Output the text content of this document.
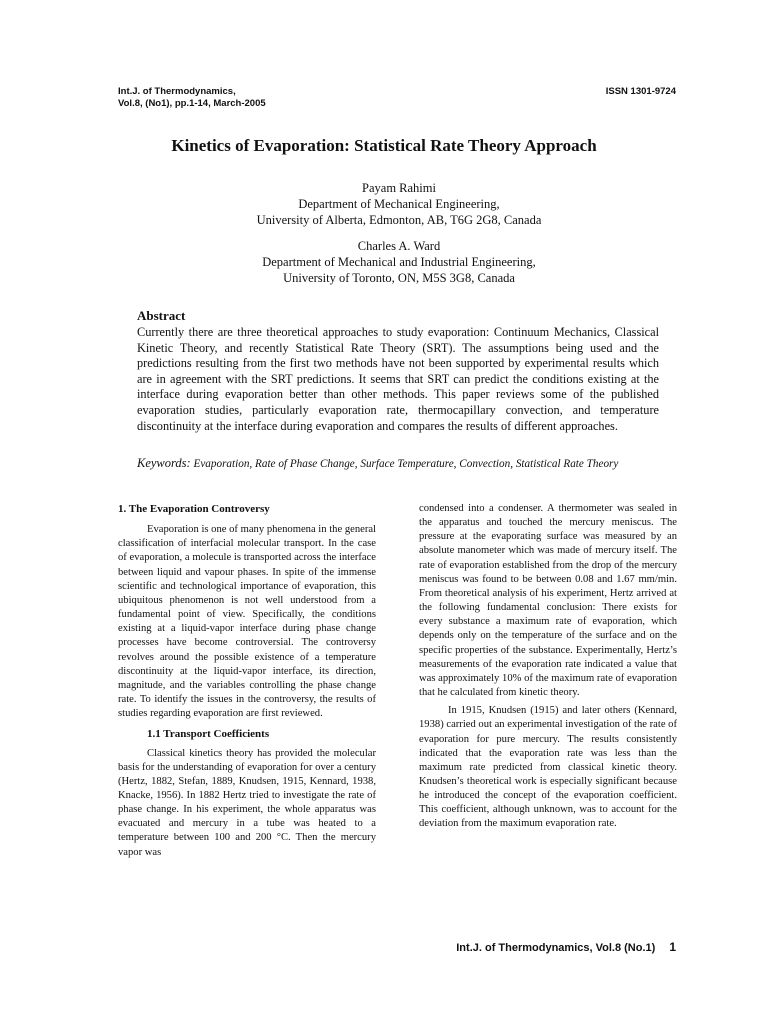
Int.J. of Thermodynamics,
Vol.8, (No1), pp.1-14, March-2005
ISSN 1301-9724
Kinetics of Evaporation: Statistical Rate Theory Approach
Payam Rahimi
Department of Mechanical Engineering,
University of Alberta, Edmonton, AB, T6G 2G8, Canada
Charles A. Ward
Department of Mechanical and Industrial Engineering,
University of Toronto, ON, M5S 3G8, Canada
Abstract
Currently there are three theoretical approaches to study evaporation: Continuum Mechanics, Classical Kinetic Theory, and recently Statistical Rate Theory (SRT). The assumptions being used and the predictions resulting from the first two methods have not been supported by experimental results which are in agreement with the SRT predictions. It seems that SRT can predict the conditions existing at the interface during evaporation better than other methods. This paper reviews some of the published evaporation studies, particularly evaporation rate, thermocapillary convection, and temperature discontinuity at the interface during evaporation and compares the results of different approaches.
Keywords: Evaporation, Rate of Phase Change, Surface Temperature, Convection, Statistical Rate Theory
1. The Evaporation Controversy

Evaporation is one of many phenomena in the general classification of interfacial molecular transport. In the case of evaporation, a molecule is transported across the interface between liquid and vapour phases. In spite of the immense scientific and technological importance of evaporation, this ubiquitous phenomenon is not well understood from a fundamental point of view. Specifically, the conditions existing at a liquid-vapor interface during phase change processes have become controversial. The controversy revolves around the possible existence of a temperature discontinuity at the liquid-vapor interface, its direction, magnitude, and the variables controlling the phase change rate. To identify the issues in the controversy, the results of studies regarding evaporation are first reviewed.

1.1 Transport Coefficients

Classical kinetics theory has provided the molecular basis for the understanding of evaporation for over a century (Hertz, 1882, Stefan, 1889, Knudsen, 1915, Kennard, 1938, Knacke, 1956). In 1882 Hertz tried to investigate the rate of phase change. In his experiment, the whole apparatus was evacuated and mercury in a tube was heated to a temperature between 100 and 200 °C. Then the mercury vapor was

condensed into a condenser. A thermometer was sealed in the apparatus and touched the mercury meniscus. The pressure at the evaporating surface was measured by an absolute manometer which was made of mercury itself. The rate of evaporation established from the drop of the mercury meniscus was found to be between 0.08 and 1.67 mm/min. From theoretical analysis of his experiment, Hertz arrived at the following fundamental conclusion: There exists for every substance a maximum rate of evaporation, which depends only on the temperature of the surface and on the specific properties of the substance. Experimentally, Hertz’s measurements of the evaporation rate indicated a value that was approximately 10% of the maximum rate of evaporation that he calculated from kinetic theory.

In 1915, Knudsen (1915) and later others (Kennard, 1938) carried out an experimental investigation of the rate of evaporation for pure mercury. The results consistently indicated that the evaporation rate was less than the maximum rate predicted from classical kinetic theory. Knudsen’s theoretical work is especially significant because he introduced the concept of the evaporation coefficient. This coefficient, although unknown, was to account for the deviation from the maximum evaporation rate.

Int.J. of Thermodynamics, Vol.8 (No.1) 1
